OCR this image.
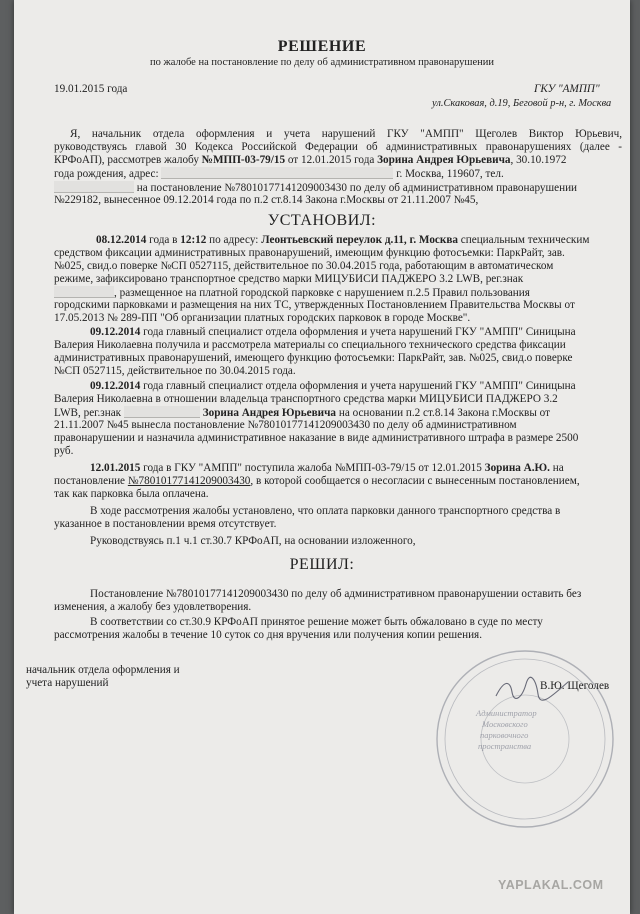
РЕШЕНИЕ
по жалобе на постановление по делу об административном правонарушении
19.01.2015 года	ГКУ "АМПП"
ул.Скаковая, д.19, Беговой р-н, г. Москва
Я, начальник отдела оформления и учета нарушений ГКУ "АМПП" Щеголев Виктор Юрьевич,
руководствуясь главой 30 Кодекса Российской Федерации об административных правонарушениях (далее -
КРФоАП), рассмотрев жалобу №МПП-03-79/15 от 12.01.2015 года Зорина Андрея Юрьевича, 30.10.1972
года рождения, адрес:	г. Москва, 119607, тел.
на постановление №78010177141209003430 по делу об административном правонарушении
№229182, вынесенное 09.12.2014 года по п.2 ст.8.14 Закона г.Москвы от 21.11.2007 №45,
УСТАНОВИЛ:
08.12.2014 года в 12:12 по адресу: Леонтьевский переулок д.11, г. Москва специальным техническим
средством фиксации административных правонарушений, имеющим функцию фотосъемки: ПаркРайт, зав.
№025, свид.о поверке №СП 0527115, действительное по 30.04.2015 года, работающим в автоматическом
режиме, зафиксировано транспортное средство марки МИЦУБИСИ ПАДЖЕРО 3.2 LWB, рег.знак
, размещенное на платной городской парковке с нарушением п.2.5 Правил пользования
городскими парковками и размещения на них ТС, утвержденных Постановлением Правительства Москвы от
17.05.2013 № 289-ПП "Об организации платных городских парковок в городе Москве".
09.12.2014 года главный специалист отдела оформления и учета нарушений ГКУ "АМПП" Синицына
Валерия Николаевна получила и рассмотрела материалы со специального технического средства фиксации
административных правонарушений, имеющего функцию фотосъемки: ПаркРайт, зав. №025, свид.о поверке
№СП 0527115, действительное по 30.04.2015 года.
09.12.2014 года главный специалист отдела оформления и учета нарушений ГКУ "АМПП" Синицына
Валерия Николаевна в отношении владельца транспортного средства марки МИЦУБИСИ ПАДЖЕРО 3.2
LWB, рег.знак	Зорина Андрея Юрьевича на основании п.2 ст.8.14 Закона г.Москвы от
21.11.2007 №45 вынесла постановление №78010177141209003430 по делу об административном
правонарушении и назначила административное наказание в виде административного штрафа в размере 2500
руб.
12.01.2015 года в ГКУ "АМПП" поступила жалоба №МПП-03-79/15 от 12.01.2015 Зорина А.Ю. на
постановление №78010177141209003430, в которой сообщается о несогласии с вынесенным постановлением,
так как парковка была оплачена.
В ходе рассмотрения жалобы установлено, что оплата парковки данного транспортного средства в
указанное в постановлении время отсутствует.
Руководствуясь п.1 ч.1 ст.30.7 КРФоАП, на основании изложенного,
РЕШИЛ:
Постановление №78010177141209003430 по делу об административном правонарушении оставить без
изменения, а жалобу без удовлетворения.
В соответствии со ст.30.9 КРФоАП принятое решение может быть обжаловано в суде по месту
рассмотрения жалобы в течение 10 суток со дня вручения или получения копии решения.
начальник отдела оформления и
учета нарушений
Администратор
Московского
парковочного
пространства
В.Ю. Щеголев
YAPLAKAL.COM
